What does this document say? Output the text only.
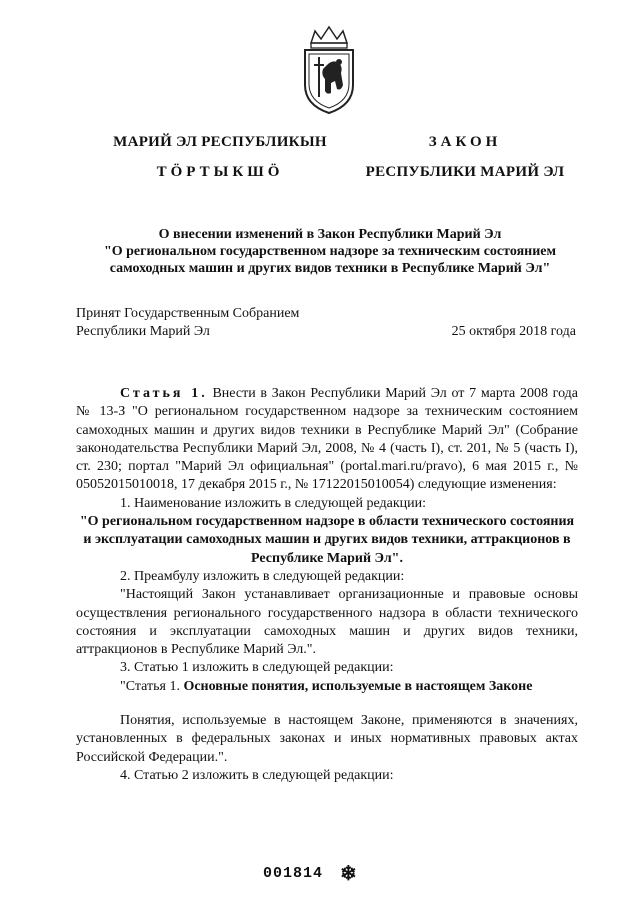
МАРИЙ ЭЛ РЕСПУБЛИКЫН
ТӦРТЫКШӦ
ЗАКОН
РЕСПУБЛИКИ МАРИЙ ЭЛ
О внесении изменений в Закон Республики Марий Эл
"О региональном государственном надзоре за техническим состоянием
самоходных машин и других видов техники в Республике Марий Эл"
Принят Государственным Собранием
Республики Марий Эл	25 октября 2018 года

Статья 1. Внести в Закон Республики Марий Эл от 7 марта 2008 года № 13-З "О региональном государственном надзоре за техническим состоянием самоходных машин и других видов техники в Республике Марий Эл" (Собрание законодательства Республики Марий Эл, 2008, № 4 (часть I), ст. 201, № 5 (часть I), ст. 230; портал "Марий Эл официальная" (portal.mari.ru/pravo), 6 мая 2015 г., № 05052015010018, 17 декабря 2015 г., № 17122015010054) следующие изменения:

1. Наименование изложить в следующей редакции:

"О региональном государственном надзоре в области технического состояния и эксплуатации самоходных машин и других видов техники, аттракционов в Республике Марий Эл".

2. Преамбулу изложить в следующей редакции:

"Настоящий Закон устанавливает организационные и правовые основы осуществления регионального государственного надзора в области технического состояния и эксплуатации самоходных машин и других видов техники, аттракционов в Республике Марий Эл.".

3. Статью 1 изложить в следующей редакции:

"Статья 1. Основные понятия, используемые в настоящем Законе

Понятия, используемые в настоящем Законе, применяются в значениях, установленных в федеральных законах и иных нормативных правовых актах Российской Федерации.".

4. Статью 2 изложить в следующей редакции:

001814 ❄
